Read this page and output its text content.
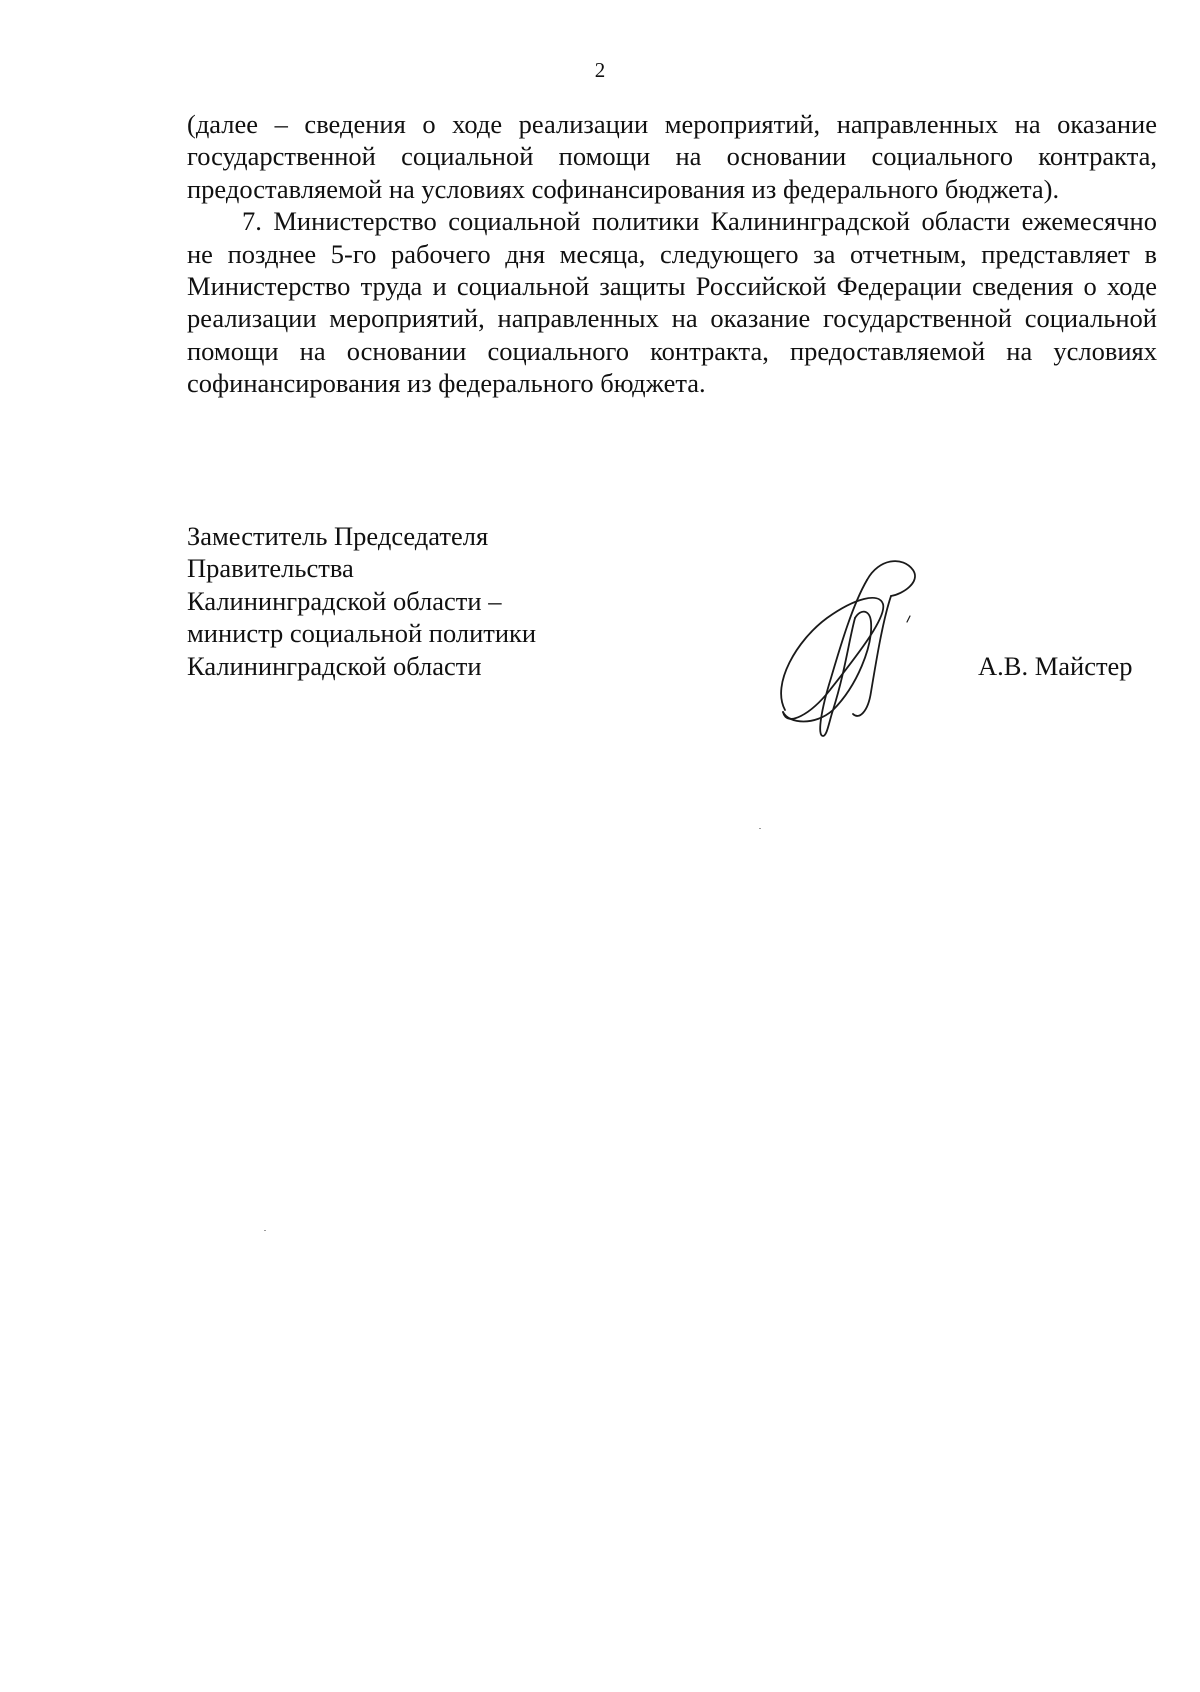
2

(далее – сведения о ходе реализации мероприятий, направленных на оказание государственной социальной помощи на основании социального контракта, предоставляемой на условиях софинансирования из федерального бюджета).

7. Министерство социальной политики Калининградской области ежемесячно не позднее 5-го рабочего дня месяца, следующего за отчетным, представляет в Министерство труда и социальной защиты Российской Федерации сведения о ходе реализации мероприятий, направленных на оказание государственной социальной помощи на основании социального контракта, предоставляемой на условиях софинансирования из федерального бюджета.

Заместитель Председателя
Правительства
Калининградской области –
министр социальной политики
Калининградской области	А.В. Майстер
